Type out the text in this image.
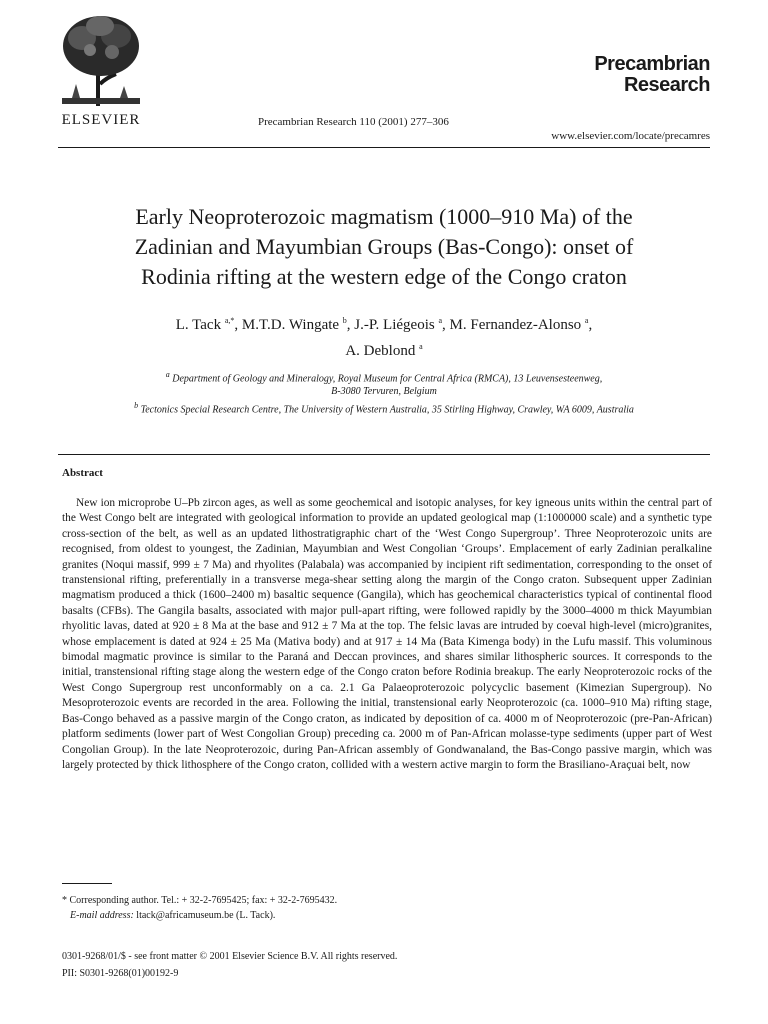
ELSEVIER	Precambrian Research 110 (2001) 277–306
Precambrian
Research
www.elsevier.com/locate/precamres
Early Neoproterozoic magmatism (1000–910 Ma) of the
Zadinian and Mayumbian Groups (Bas-Congo): onset of
Rodinia rifting at the western edge of the Congo craton
L. Tack $^{a,*}$, M.T.D. Wingate $^b$, J.-P. Liégeois $^a$, M. Fernandez-Alonso $^a$,
A. Deblond $^a$
$^a$ Department of Geology and Mineralogy, Royal Museum for Central Africa (RMCA), 13 Leuvensesteenweg,
B-3080 Tervuren, Belgium
$^b$ Tectonics Special Research Centre, The University of Western Australia, 35 Stirling Highway, Crawley, WA 6009, Australia
Abstract

New ion microprobe U–Pb zircon ages, as well as some geochemical and isotopic analyses, for key igneous units within the central part of the West Congo belt are integrated with geological information to provide an updated geological map (1:1000000 scale) and a synthetic type cross-section of the belt, as well as an updated lithostratigraphic chart of the ‘West Congo Supergroup’. Three Neoproterozoic units are recognised, from oldest to youngest, the Zadinian, Mayumbian and West Congolian ‘Groups’. Emplacement of early Zadinian peralkaline granites (Noqui massif, 999 ± 7 Ma) and rhyolites (Palabala) was accompanied by incipient rift sedimentation, corresponding to the onset of transtensional rifting, preferentially in a transverse mega-shear setting along the margin of the Congo craton. Subsequent upper Zadinian magmatism produced a thick (1600–2400 m) basaltic sequence (Gangila), which has geochemical characteristics typical of continental flood basalts (CFBs). The Gangila basalts, associated with major pull-apart rifting, were followed rapidly by the 3000–4000 m thick Mayumbian rhyolitic lavas, dated at 920 ± 8 Ma at the base and 912 ± 7 Ma at the top. The felsic lavas are intruded by coeval high-level (micro)granites, whose emplacement is dated at 924 ± 25 Ma (Mativa body) and at 917 ± 14 Ma (Bata Kimenga body) in the Lufu massif. This voluminous bimodal magmatic province is similar to the Paraná and Deccan provinces, and shares similar lithospheric sources. It corresponds to the initial, transtensional rifting stage along the western edge of the Congo craton before Rodinia breakup. The early Neoproterozoic rocks of the West Congo Supergroup rest unconformably on a ca. 2.1 Ga Palaeoproterozoic polycyclic basement (Kimezian Supergroup). No Mesoproterozoic events are recorded in the area. Following the initial, transtensional early Neoproterozoic (ca. 1000–910 Ma) rifting stage, Bas-Congo behaved as a passive margin of the Congo craton, as indicated by deposition of ca. 4000 m of Neoproterozoic (pre-Pan-African) platform sediments (lower part of West Congolian Group) preceding ca. 2000 m of Pan-African molasse-type sediments (upper part of West Congolian Group). In the late Neoproterozoic, during Pan-African assembly of Gondwanaland, the Bas-Congo passive margin, which was largely protected by thick lithosphere of the Congo craton, collided with a western active margin to form the Brasiliano-Araçuai belt, now

* Corresponding author. Tel.: + 32-2-7695425; fax: + 32-2-7695432.
E-mail address: ltack@africamuseum.be (L. Tack).
0301-9268/01/$ - see front matter © 2001 Elsevier Science B.V. All rights reserved.
PII: S0301-9268(01)00192-9
